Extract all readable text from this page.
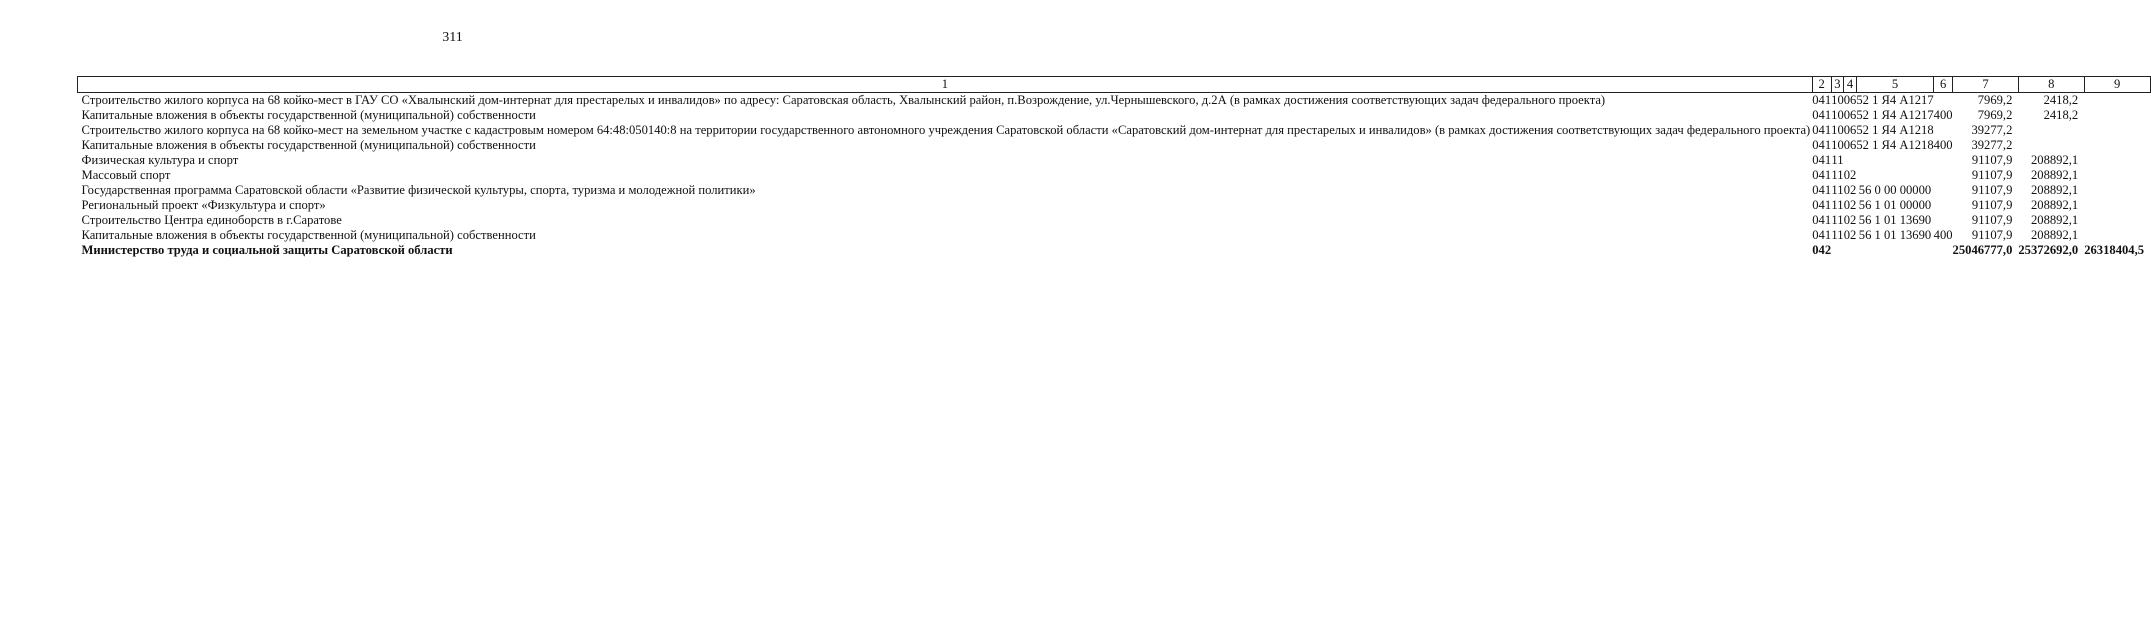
311
1	2	3	4	5	6	7	8	9
Строительство жилого корпуса на 68 койко-мест в ГАУ СО «Хвалынский дом-интернат для престарелых и инвалидов» по адресу: Саратовская область, Хвалынский район, п.Возрождение, ул.Чернышевского, д.2А (в рамках достижения соответствующих задач федерального проекта)	041	10	06	52 1 Я4 А1217		7969,2	2418,2	
Капитальные вложения в объекты государственной (муниципальной) собственности	041	10	06	52 1 Я4 А1217	400	7969,2	2418,2	
Строительство жилого корпуса на 68 койко-мест на земельном участке с кадастровым номером 64:48:050140:8 на территории государственного автономного учреждения Саратовской области «Саратовский дом-интернат для престарелых и инвалидов» (в рамках достижения соответствующих задач федерального проекта)	041	10	06	52 1 Я4 А1218		39277,2		
Капитальные вложения в объекты государственной (муниципальной) собственности	041	10	06	52 1 Я4 А1218	400	39277,2		
Физическая культура и спорт	041	11				91107,9	208892,1	
Массовый спорт	041	11	02			91107,9	208892,1	
Государственная программа Саратовской области «Развитие физической культуры, спорта, туризма и молодежной политики»	041	11	02	56 0 00 00000		91107,9	208892,1	
Региональный проект «Физкультура и спорт»	041	11	02	56 1 01 00000		91107,9	208892,1	
Строительство Центра единоборств в г.Саратове	041	11	02	56 1 01 13690		91107,9	208892,1	
Капитальные вложения в объекты государственной (муниципальной) собственности	041	11	02	56 1 01 13690	400	91107,9	208892,1	
Министерство труда и социальной защиты Саратовской области	042					25046777,0	25372692,0	26318404,5
